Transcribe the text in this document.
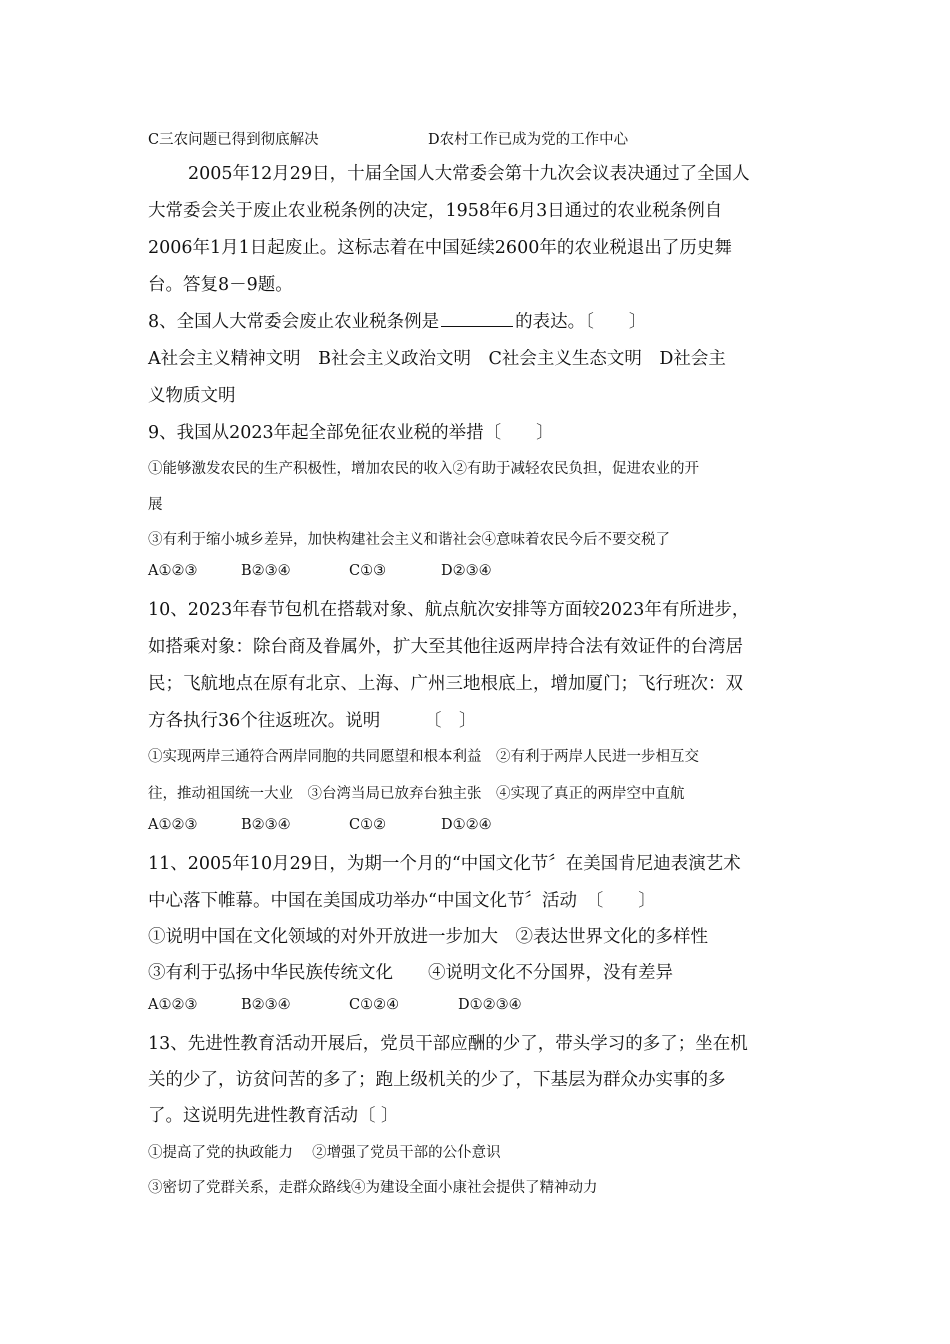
C三农问题已得到彻底解决	D农村工作已成为党的工作中心
2005年12月29日，十届全国人大常委会第十九次会议表决通过了全国人
大常委会关于废止农业税条例的决定，1958年6月3日通过的农业税条例自
2006年1月1日起废止。这标志着在中国延续2600年的农业税退出了历史舞
台。答复8－9题。
8、全国人大常委会废止农业税条例是	的表达。〔　　〕
A社会主义精神文明　B社会主义政治文明　C社会主义生态文明　D社会主
义物质文明
9、我国从2023年起全部免征农业税的举措〔　　〕
①能够激发农民的生产积极性，增加农民的收入②有助于减轻农民负担，促进农业的开
展
③有利于缩小城乡差异，加快构建社会主义和谐社会④意味着农民今后不要交税了
A①②③	B②③④	C①③	D②③④
10、2023年春节包机在搭载对象、航点航次安排等方面较2023年有所进步，
如搭乘对象：除台商及眷属外，扩大至其他往返两岸持合法有效证件的台湾居
民；飞航地点在原有北京、上海、广州三地根底上，增加厦门；飞行班次：双
方各执行36个往返班次。说明　　　〔　〕
①实现两岸三通符合两岸同胞的共同愿望和根本利益　②有利于两岸人民进一步相互交
往，推动祖国统一大业　③台湾当局已放弃台独主张　④实现了真正的两岸空中直航
A①②③	B②③④	C①②	D①②④
11、2005年10月29日，为期一个月的“中国文化节〞在美国肯尼迪表演艺术
中心落下帷幕。中国在美国成功举办“中国文化节〞活动　〔　　〕
①说明中国在文化领域的对外开放进一步加大　②表达世界文化的多样性
③有利于弘扬中华民族传统文化　　④说明文化不分国界，没有差异
A①②③	B②③④	C①②④	D①②③④
13、先进性教育活动开展后，党员干部应酬的少了，带头学习的多了；坐在机
关的少了，访贫问苦的多了；跑上级机关的少了，下基层为群众办实事的多
了。这说明先进性教育活动〔 〕
①提高了党的执政能力　 ②增强了党员干部的公仆意识
③密切了党群关系，走群众路线④为建设全面小康社会提供了精神动力
